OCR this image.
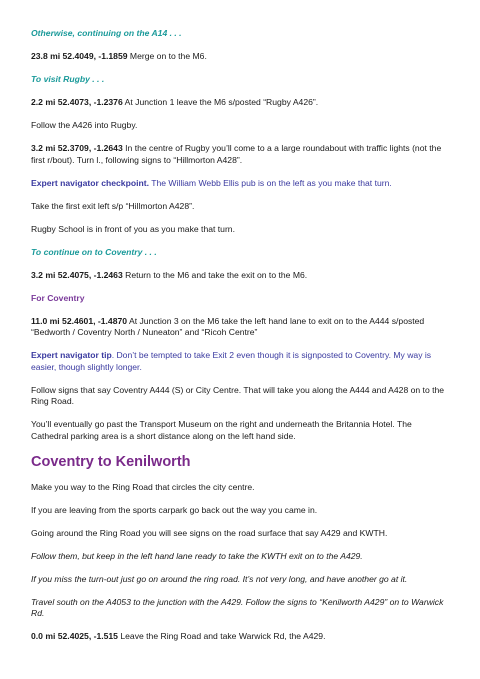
Otherwise, continuing on the A14 . . .

23.8 mi 52.4049, -1.1859 Merge on to the M6.

To visit Rugby . . .

2.2 mi 52.4073, -1.2376 At Junction 1 leave the M6 s/posted “Rugby A426”.

Follow the A426 into Rugby.

3.2 mi 52.3709, -1.2643 In the centre of Rugby you’ll come to a a large roundabout with traffic lights (not the first r/bout). Turn l., following signs to “Hillmorton A428”.

Expert navigator checkpoint. The William Webb Ellis pub is on the left as you make that turn.

Take the first exit left s/p “Hillmorton A428”.

Rugby School is in front of you as you make that turn.

To continue on to Coventry . . .

3.2 mi 52.4075, -1.2463 Return to the M6 and take the exit on to the M6.

For Coventry

11.0 mi 52.4601, -1.4870 At Junction 3 on the M6 take the left hand lane to exit on to the A444 s/posted “Bedworth / Coventry North / Nuneaton” and “Ricoh Centre”

Expert navigator tip. Don’t be tempted to take Exit 2 even though it is signposted to Coventry. My way is easier, though slightly longer.

Follow signs that say Coventry A444 (S) or City Centre. That will take you along the A444 and A428 on to the Ring Road.

You’ll eventually go past the Transport Museum on the right and underneath the Britannia Hotel. The Cathedral parking area is a short distance along on the left hand side.

Coventry to Kenilworth

Make you way to the Ring Road that circles the city centre.

If you are leaving from the sports carpark go back out the way you came in.

Going around the Ring Road you will see signs on the road surface that say A429 and KWTH.

Follow them, but keep in the left hand lane ready to take the KWTH exit on to the A429.

If you miss the turn-out just go on around the ring road. It’s not very long, and have another go at it.

Travel south on the A4053 to the junction with the A429. Follow the signs to “Kenilworth A429” on to Warwick Rd.

0.0 mi 52.4025, -1.515 Leave the Ring Road and take Warwick Rd, the A429.
